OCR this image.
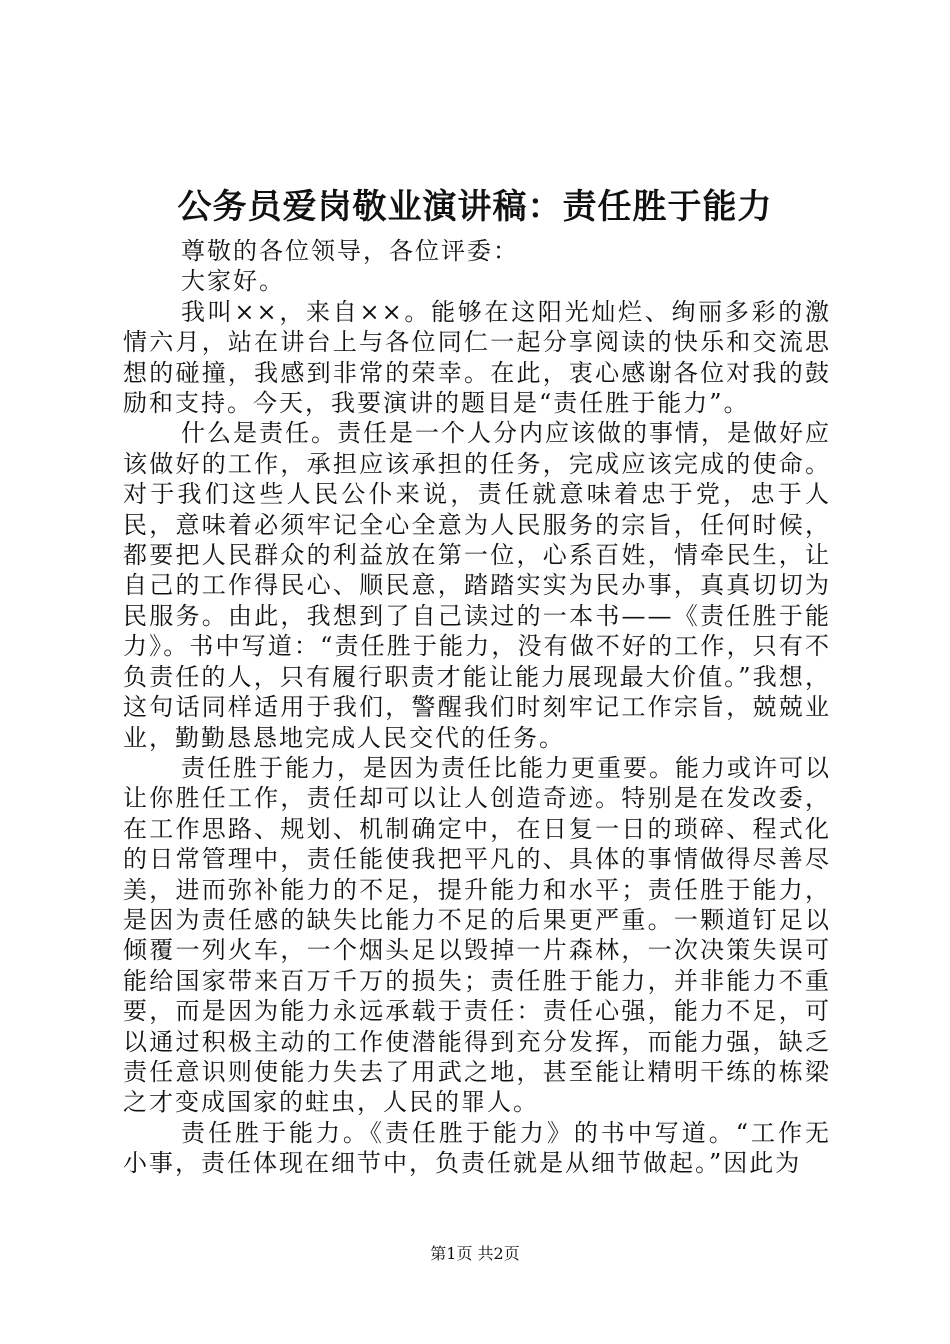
公务员爱岗敬业演讲稿：责任胜于能力

尊敬的各位领导，各位评委：

大家好。

我叫××，来自××。能够在这阳光灿烂、绚丽多彩的激情六月，站在讲台上与各位同仁一起分享阅读的快乐和交流思想的碰撞，我感到非常的荣幸。在此，衷心感谢各位对我的鼓励和支持。今天，我要演讲的题目是“责任胜于能力”。

什么是责任。责任是一个人分内应该做的事情，是做好应该做好的工作，承担应该承担的任务，完成应该完成的使命。对于我们这些人民公仆来说，责任就意味着忠于党，忠于人民，意味着必须牢记全心全意为人民服务的宗旨，任何时候，都要把人民群众的利益放在第一位，心系百姓，情牵民生，让自己的工作得民心、顺民意，踏踏实实为民办事，真真切切为民服务。由此，我想到了自己读过的一本书——《责任胜于能力》。书中写道：“责任胜于能力，没有做不好的工作，只有不负责任的人，只有履行职责才能让能力展现最大价值。”我想，这句话同样适用于我们，警醒我们时刻牢记工作宗旨，兢兢业业，勤勤恳恳地完成人民交代的任务。

责任胜于能力，是因为责任比能力更重要。能力或许可以让你胜任工作，责任却可以让人创造奇迹。特别是在发改委，在工作思路、规划、机制确定中，在日复一日的琐碎、程式化的日常管理中，责任能使我把平凡的、具体的事情做得尽善尽美，进而弥补能力的不足，提升能力和水平；责任胜于能力，是因为责任感的缺失比能力不足的后果更严重。一颗道钉足以倾覆一列火车，一个烟头足以毁掉一片森林，一次决策失误可能给国家带来百万千万的损失；责任胜于能力，并非能力不重要，而是因为能力永远承载于责任：责任心强，能力不足，可以通过积极主动的工作使潜能得到充分发挥，而能力强，缺乏责任意识则使能力失去了用武之地，甚至能让精明干练的栋梁之才变成国家的蛀虫，人民的罪人。

责任胜于能力。《责任胜于能力》的书中写道。“工作无小事，责任体现在细节中，负责任就是从细节做起。”因此为

第1页 共2页
